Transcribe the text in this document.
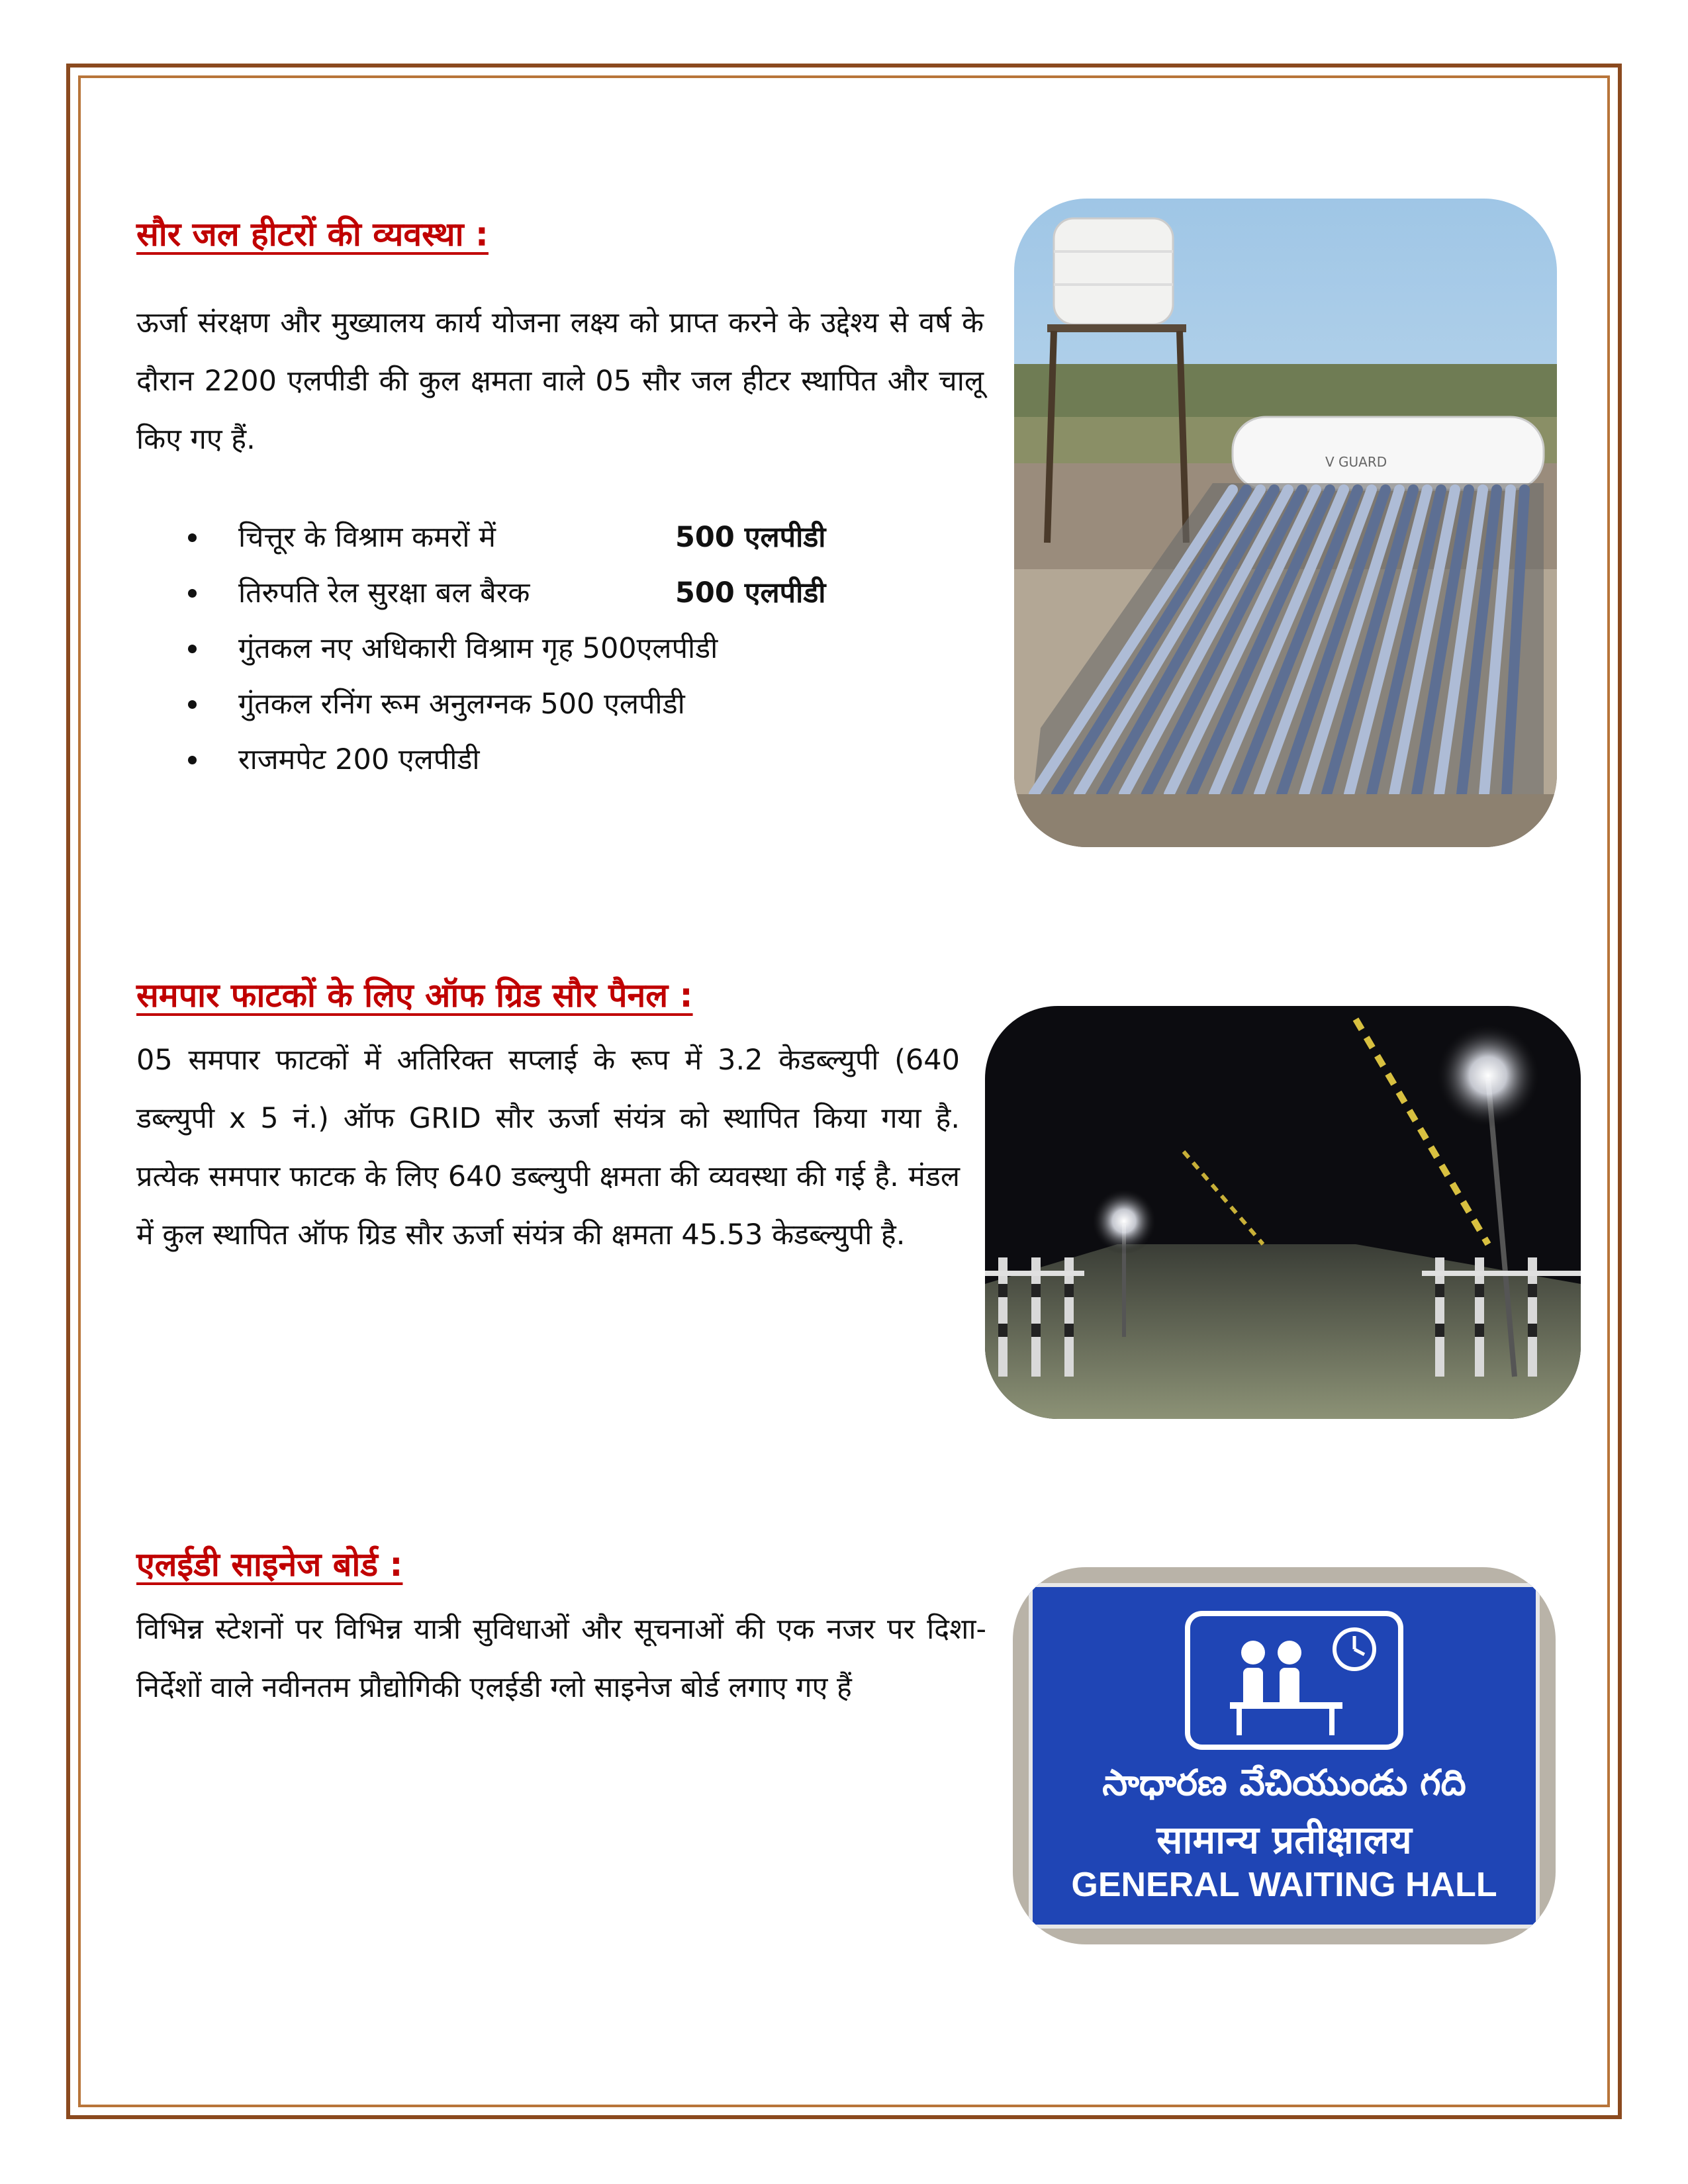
सौर जल हीटरों की व्यवस्था :
ऊर्जा संरक्षण और मुख्यालय कार्य योजना लक्ष्य को प्राप्त करने के उद्देश्य से वर्ष के दौरान 2200 एलपीडी की कुल क्षमता वाले 05 सौर जल हीटर स्थापित और चालू किए गए हैं.
चित्तूर के विश्राम कमरों में	500 एलपीडी
तिरुपति रेल सुरक्षा बल बैरक	500 एलपीडी
गुंतकल नए अधिकारी विश्राम गृह 500एलपीडी
गुंतकल रनिंग रूम अनुलग्नक 500 एलपीडी
राजमपेट 200 एलपीडी
V GUARD
समपार फाटकों के लिए ऑफ ग्रिड सौर पैनल :
05 समपार फाटकों में अतिरिक्त सप्लाई के रूप में 3.2 केडब्ल्युपी (640 डब्ल्युपी x 5 नं.) ऑफ GRID सौर ऊर्जा संयंत्र को स्थापित किया गया है. प्रत्येक समपार फाटक के लिए 640 डब्ल्युपी क्षमता की व्यवस्था की गई है. मंडल में कुल स्थापित ऑफ ग्रिड सौर ऊर्जा संयंत्र की क्षमता 45.53 केडब्ल्युपी है.
एलईडी साइनेज बोर्ड :
विभिन्न स्टेशनों पर विभिन्न यात्री सुविधाओं और सूचनाओं की एक नजर पर दिशा-निर्देशों वाले नवीनतम प्रौद्योगिकी एलईडी ग्लो साइनेज बोर्ड लगाए गए हैं
సాధారణ వేచియుండు గది
सामान्य प्रतीक्षालय
GENERAL WAITING HALL
